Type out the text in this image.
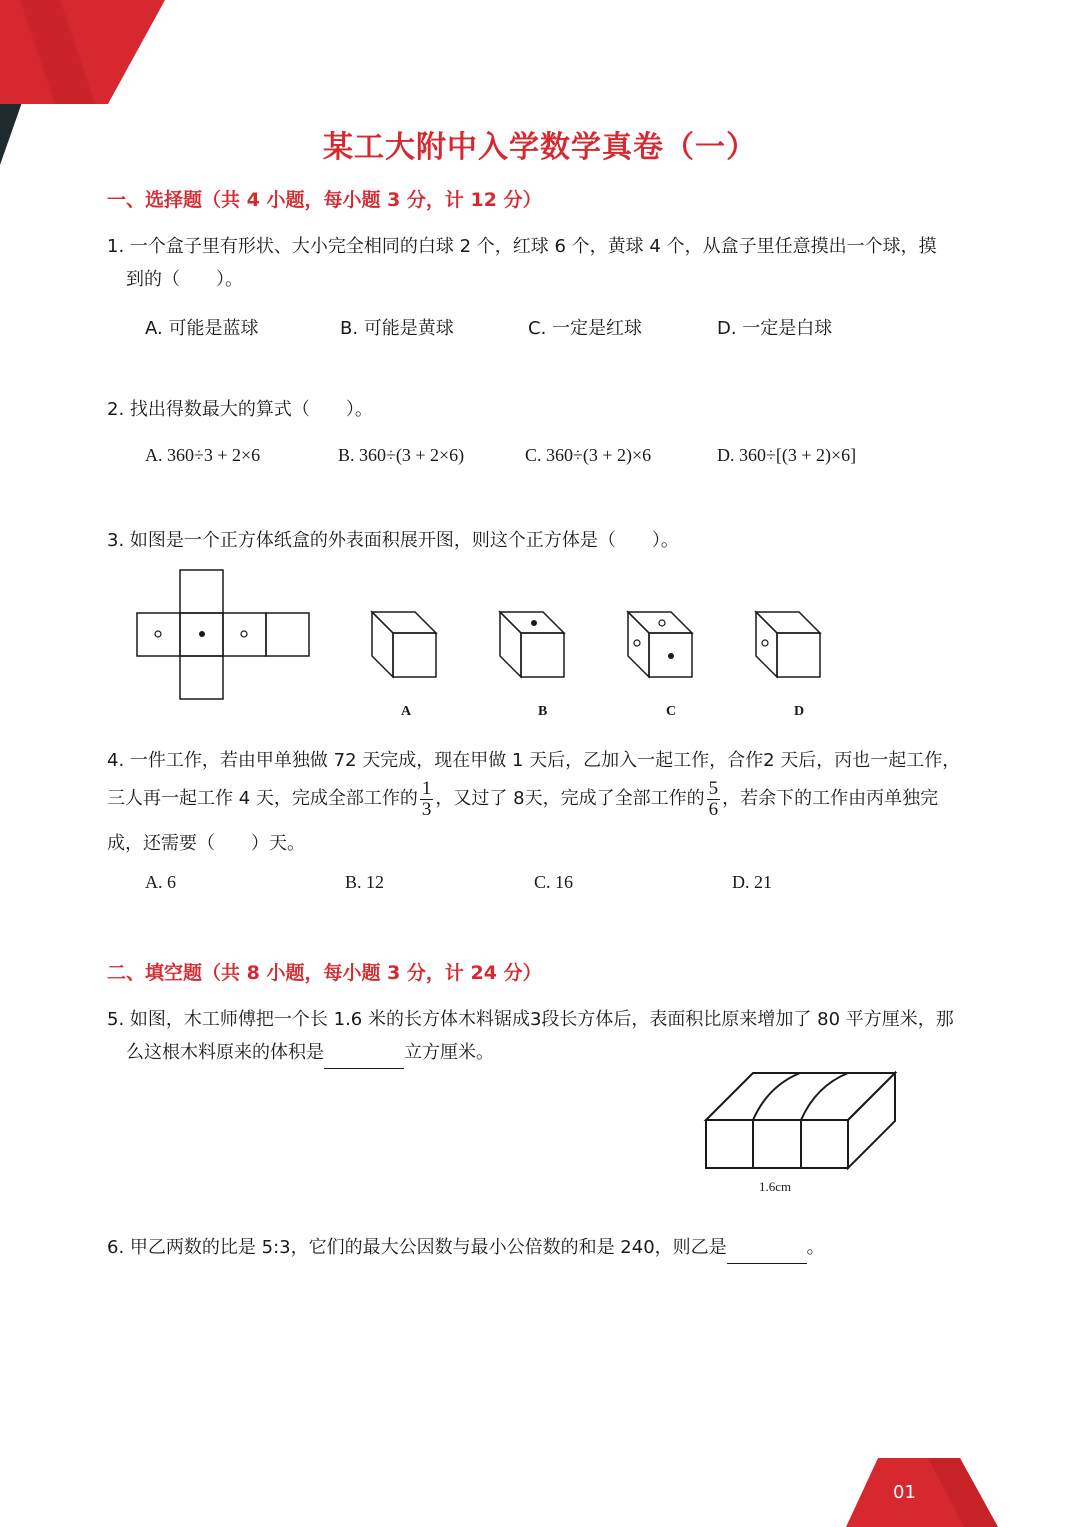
某工大附中入学数学真卷（一）
一、选择题（共 4 小题，每小题 3 分，计 12 分）
1. 一个盒子里有形状、大小完全相同的白球 2 个，红球 6 个，黄球 4 个，从盒子里任意摸出一个球，摸
到的（　　）。
A. 可能是蓝球	B. 可能是黄球	C. 一定是红球	D. 一定是白球
2. 找出得数最大的算式（　　）。
A. 360÷3 + 2×6	B. 360÷(3 + 2×6)	C. 360÷(3 + 2)×6	D. 360÷[(3 + 2)×6]
3. 如图是一个正方体纸盒的外表面积展开图，则这个正方体是（　　）。
A	B	C	D
4. 一件工作，若由甲单独做 72 天完成，现在甲做 1 天后，乙加入一起工作，合作2 天后，丙也一起工作，
三人再一起工作 4 天，完成全部工作的 $\frac{1}{3}$ ，又过了 8天，完成了全部工作的 $\frac{5}{6}$ ，若余下的工作由丙单独完
成，还需要（　　）天。
A. 6	B. 12	C. 16	D. 21
二、填空题（共 8 小题，每小题 3 分，计 24 分）
5. 如图，木工师傅把一个长 1.6 米的长方体木料锯成3段长方体后，表面积比原来增加了 80 平方厘米，那
么这根木料原来的体积是	立方厘米。
1.6cm
6. 甲乙两数的比是 5:3，它们的最大公因数与最小公倍数的和是 240，则乙是	。
01
